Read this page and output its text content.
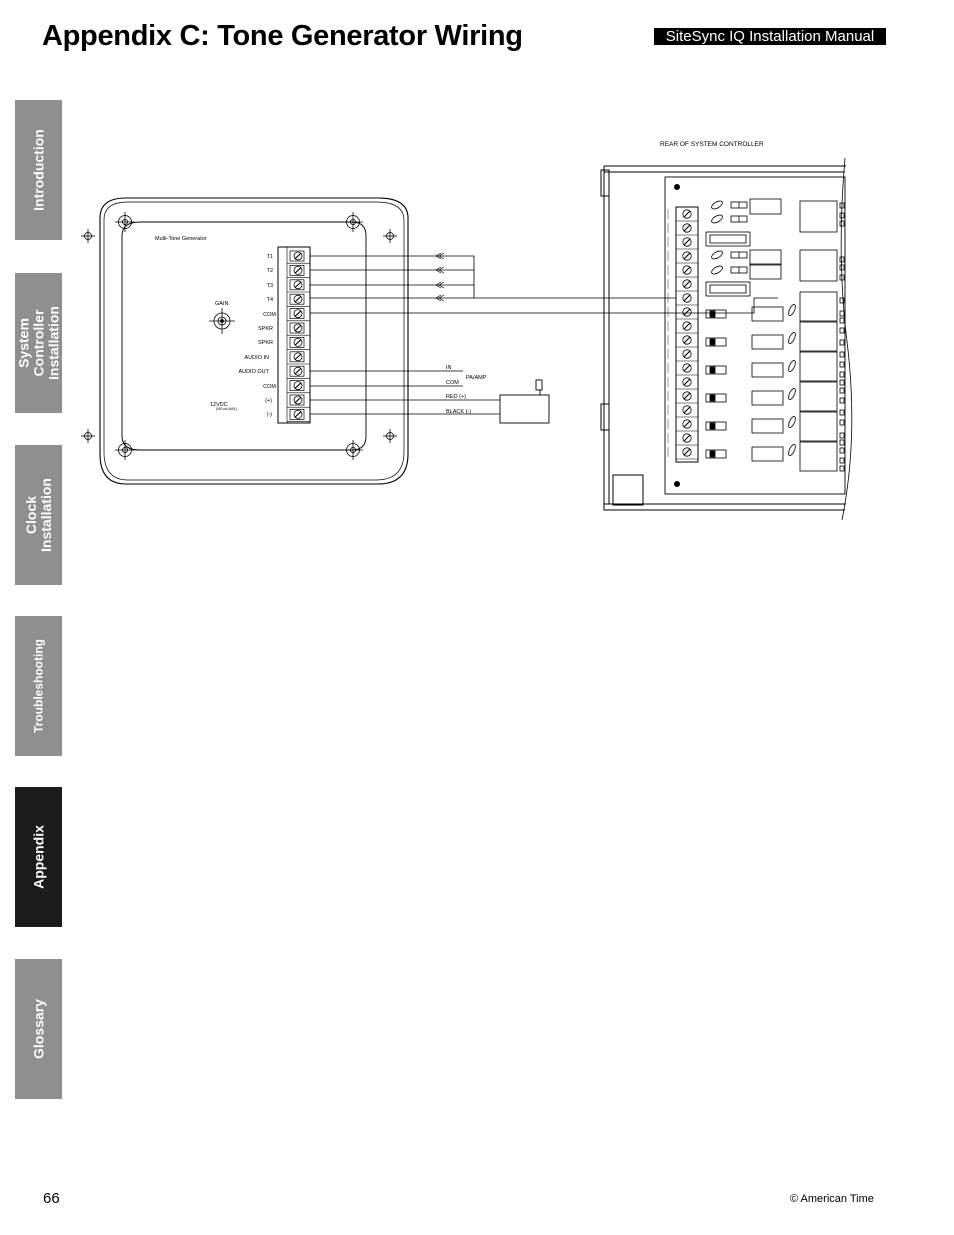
Appendix C: Tone Generator Wiring	SiteSync IQ Installation Manual
Introduction
System Controller Installation
Clock Installation
Troubleshooting
Appendix
Glossary
Multi-Tone Generator
GAIN
T1
T2
T3
T4
COM
SPKR
SPKR
AUDIO IN
AUDIO OUT
COM
(+)
(-)
12VDC
(500 mA MAX)
IN
PA/AMP
COM
RED (+)
BLACK (-)
REAR OF SYSTEM CONTROLLER
66	© American Time
